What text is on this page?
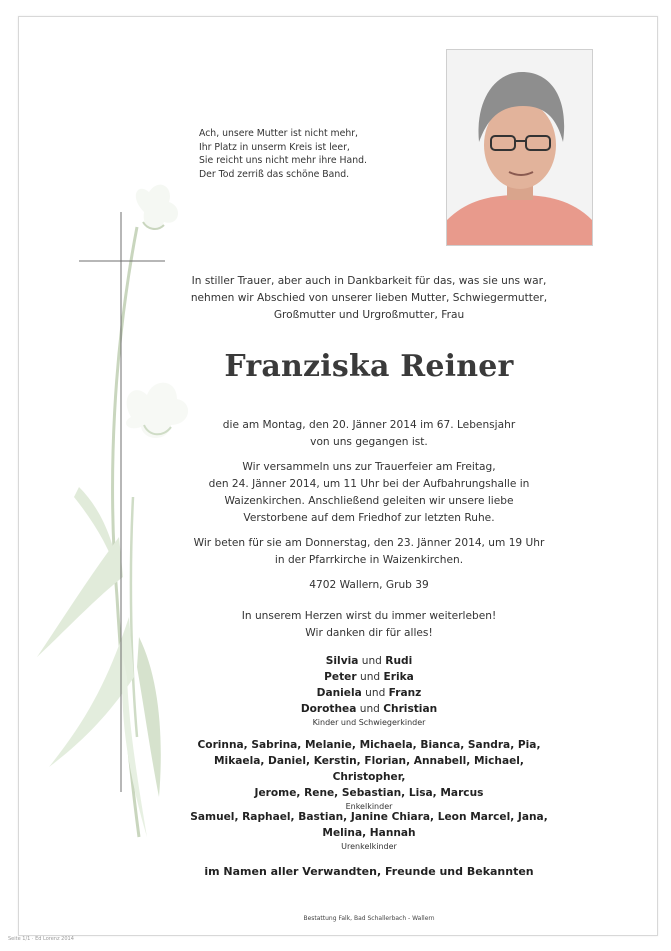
Ach, unsere Mutter ist nicht mehr,
Ihr Platz in unserm Kreis ist leer,
Sie reicht uns nicht mehr ihre Hand.
Der Tod zerriß das schöne Band.
In stiller Trauer, aber auch in Dankbarkeit für das, was sie uns war,
nehmen wir Abschied von unserer lieben Mutter, Schwiegermutter,
Großmutter und Urgroßmutter, Frau
Franziska Reiner
die am Montag, den 20. Jänner 2014 im 67. Lebensjahr
von uns gegangen ist.
Wir versammeln uns zur Trauerfeier am Freitag,
den 24. Jänner 2014, um 11 Uhr bei der Aufbahrungshalle in
Waizenkirchen. Anschließend geleiten wir unsere liebe
Verstorbene auf dem Friedhof zur letzten Ruhe.
Wir beten für sie am Donnerstag, den 23. Jänner 2014, um 19 Uhr
in der Pfarrkirche in Waizenkirchen.
4702 Wallern, Grub 39
In unserem Herzen wirst du immer weiterleben!
Wir danken dir für alles!
Silvia und Rudi
Peter und Erika
Daniela und Franz
Dorothea und Christian
Kinder und Schwiegerkinder
Corinna, Sabrina, Melanie, Michaela, Bianca, Sandra, Pia,
Mikaela, Daniel, Kerstin, Florian, Annabell, Michael, Christopher,
Jerome, Rene, Sebastian, Lisa, Marcus
Enkelkinder
Samuel, Raphael, Bastian, Janine Chiara, Leon Marcel, Jana,
Melina, Hannah
Urenkelkinder
im Namen aller Verwandten, Freunde und Bekannten
Bestattung Falk, Bad Schallerbach - Wallern
Seite 1/1 · Ed Lorenz 2014
